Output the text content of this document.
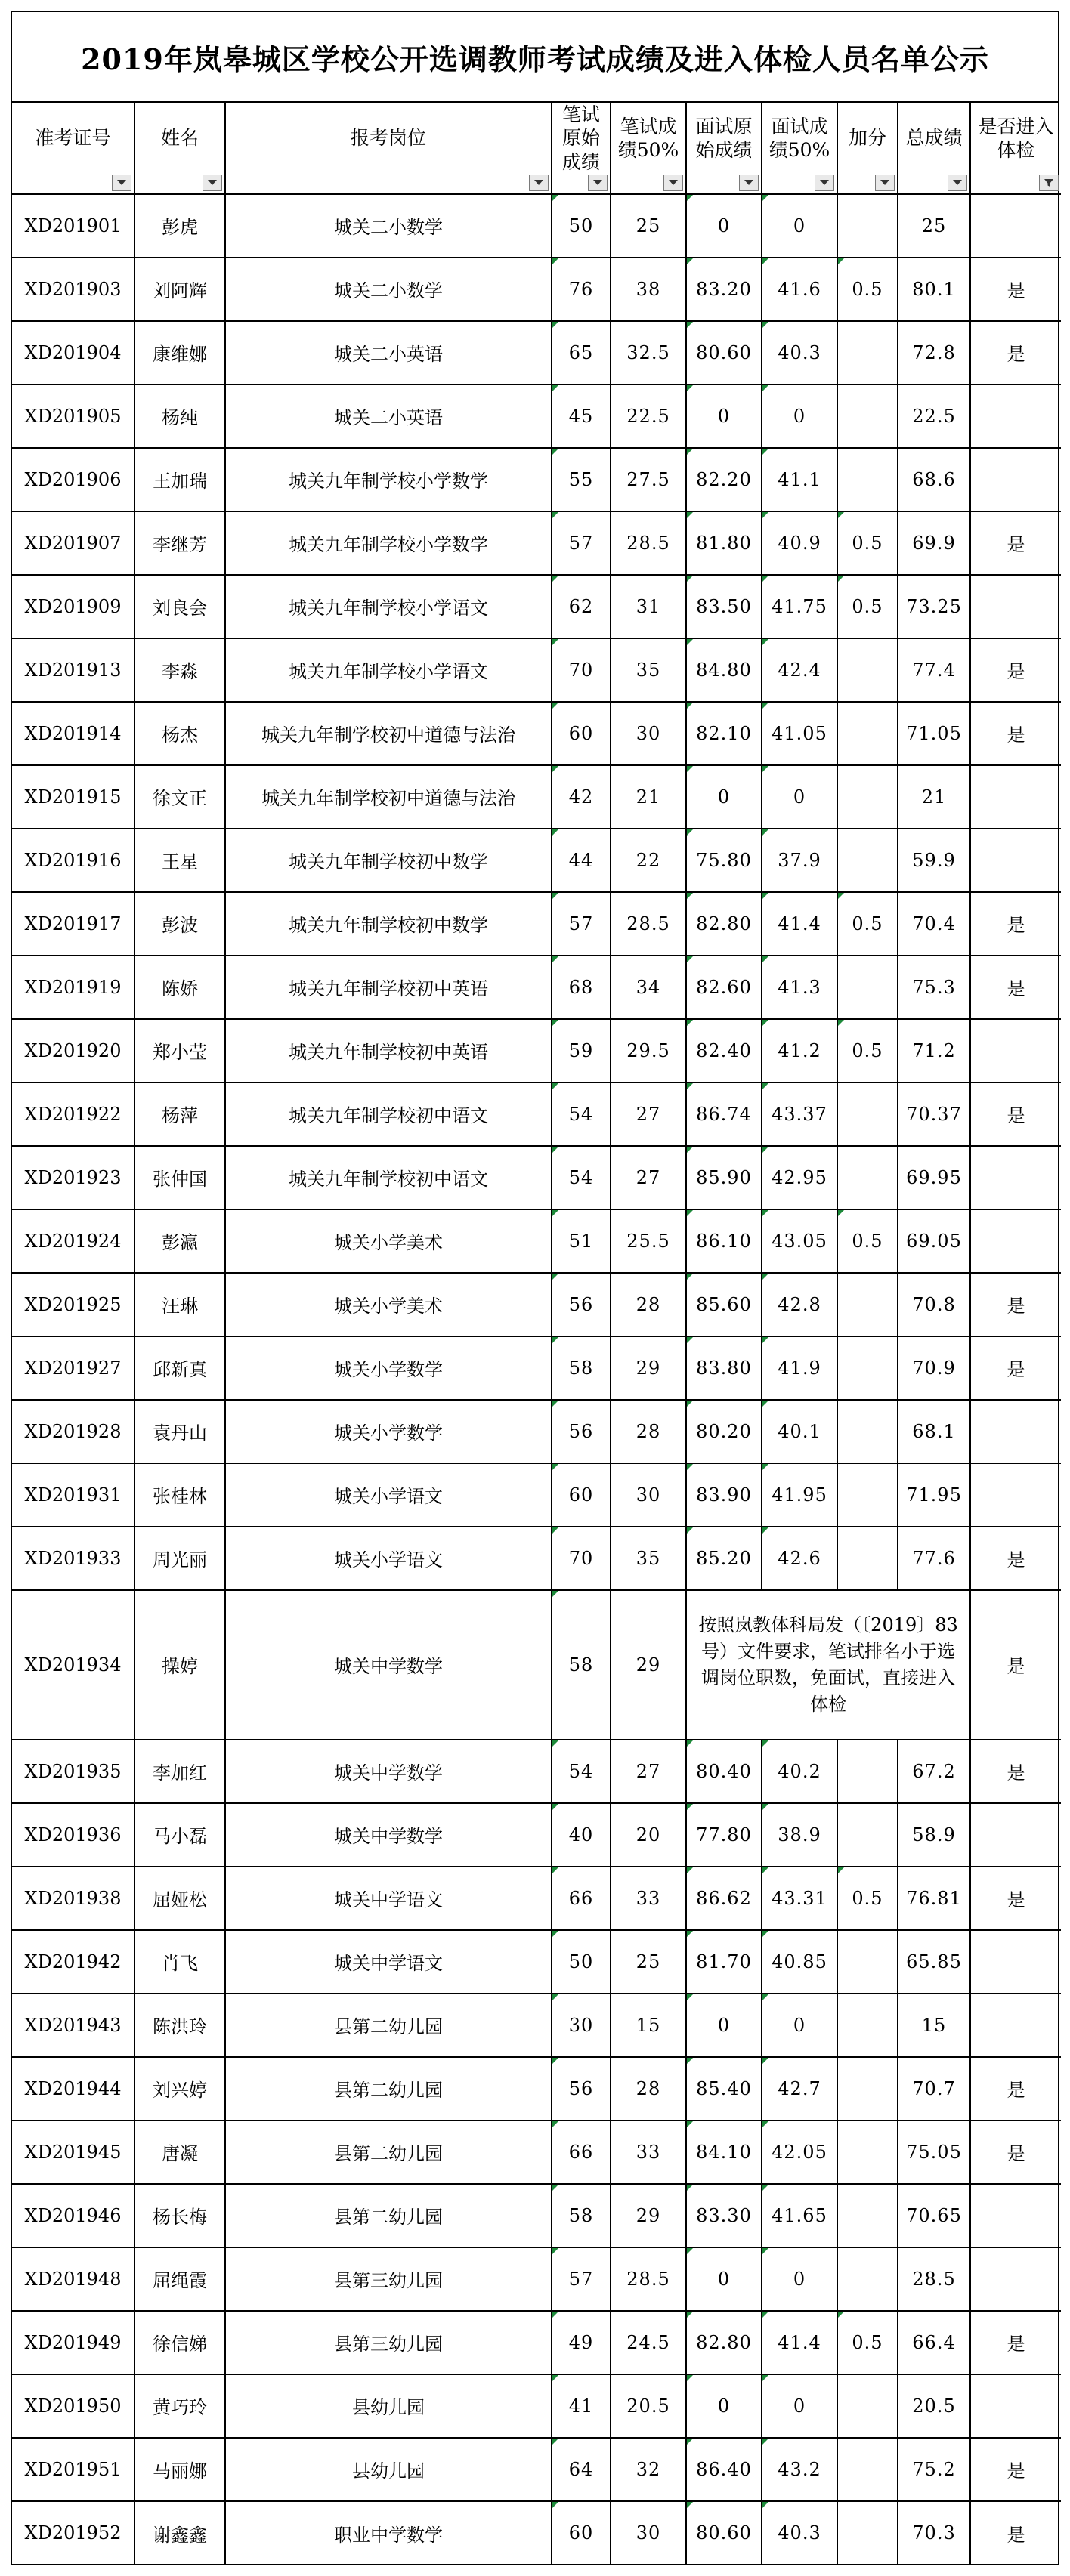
2019年岚皋城区学校公开选调教师考试成绩及进入体检人员名单公示
准考证号	姓名	报考岗位	笔试原始成绩	笔试成绩50%	面试原始成绩	面试成绩50%	加分	总成绩	是否进入体检

XD201901	彭虎	城关二小数学	50	25	0	0		25	
XD201903	刘阿辉	城关二小数学	76	38	83.20	41.6	0.5	80.1	是
XD201904	康维娜	城关二小英语	65	32.5	80.60	40.3		72.8	是
XD201905	杨纯	城关二小英语	45	22.5	0	0		22.5	
XD201906	王加瑞	城关九年制学校小学数学	55	27.5	82.20	41.1		68.6	
XD201907	李继芳	城关九年制学校小学数学	57	28.5	81.80	40.9	0.5	69.9	是
XD201909	刘良会	城关九年制学校小学语文	62	31	83.50	41.75	0.5	73.25	
XD201913	李淼	城关九年制学校小学语文	70	35	84.80	42.4		77.4	是
XD201914	杨杰	城关九年制学校初中道德与法治	60	30	82.10	41.05		71.05	是
XD201915	徐文正	城关九年制学校初中道德与法治	42	21	0	0		21	
XD201916	王星	城关九年制学校初中数学	44	22	75.80	37.9		59.9	
XD201917	彭波	城关九年制学校初中数学	57	28.5	82.80	41.4	0.5	70.4	是
XD201919	陈娇	城关九年制学校初中英语	68	34	82.60	41.3		75.3	是
XD201920	郑小莹	城关九年制学校初中英语	59	29.5	82.40	41.2	0.5	71.2	
XD201922	杨萍	城关九年制学校初中语文	54	27	86.74	43.37		70.37	是
XD201923	张仲国	城关九年制学校初中语文	54	27	85.90	42.95		69.95	
XD201924	彭瀛	城关小学美术	51	25.5	86.10	43.05	0.5	69.05	
XD201925	汪琳	城关小学美术	56	28	85.60	42.8		70.8	是
XD201927	邱新真	城关小学数学	58	29	83.80	41.9		70.9	是
XD201928	袁丹山	城关小学数学	56	28	80.20	40.1		68.1	
XD201931	张桂林	城关小学语文	60	30	83.90	41.95		71.95	
XD201933	周光丽	城关小学语文	70	35	85.20	42.6		77.6	是
XD201934	操婷	城关中学数学	58	29	按照岚教体科局发（〔2019〕83号）文件要求，笔试排名小于选调岗位职数，免面试，直接进入体检				是
XD201935	李加红	城关中学数学	54	27	80.40	40.2		67.2	是
XD201936	马小磊	城关中学数学	40	20	77.80	38.9		58.9	
XD201938	屈娅松	城关中学语文	66	33	86.62	43.31	0.5	76.81	是
XD201942	肖飞	城关中学语文	50	25	81.70	40.85		65.85	
XD201943	陈洪玲	县第二幼儿园	30	15	0	0		15	
XD201944	刘兴婷	县第二幼儿园	56	28	85.40	42.7		70.7	是
XD201945	唐凝	县第二幼儿园	66	33	84.10	42.05		75.05	是
XD201946	杨长梅	县第二幼儿园	58	29	83.30	41.65		70.65	
XD201948	屈绳霞	县第三幼儿园	57	28.5	0	0		28.5	
XD201949	徐信娣	县第三幼儿园	49	24.5	82.80	41.4	0.5	66.4	是
XD201950	黄巧玲	县幼儿园	41	20.5	0	0		20.5	
XD201951	马丽娜	县幼儿园	64	32	86.40	43.2		75.2	是
XD201952	谢鑫鑫	职业中学数学	60	30	80.60	40.3		70.3	是
